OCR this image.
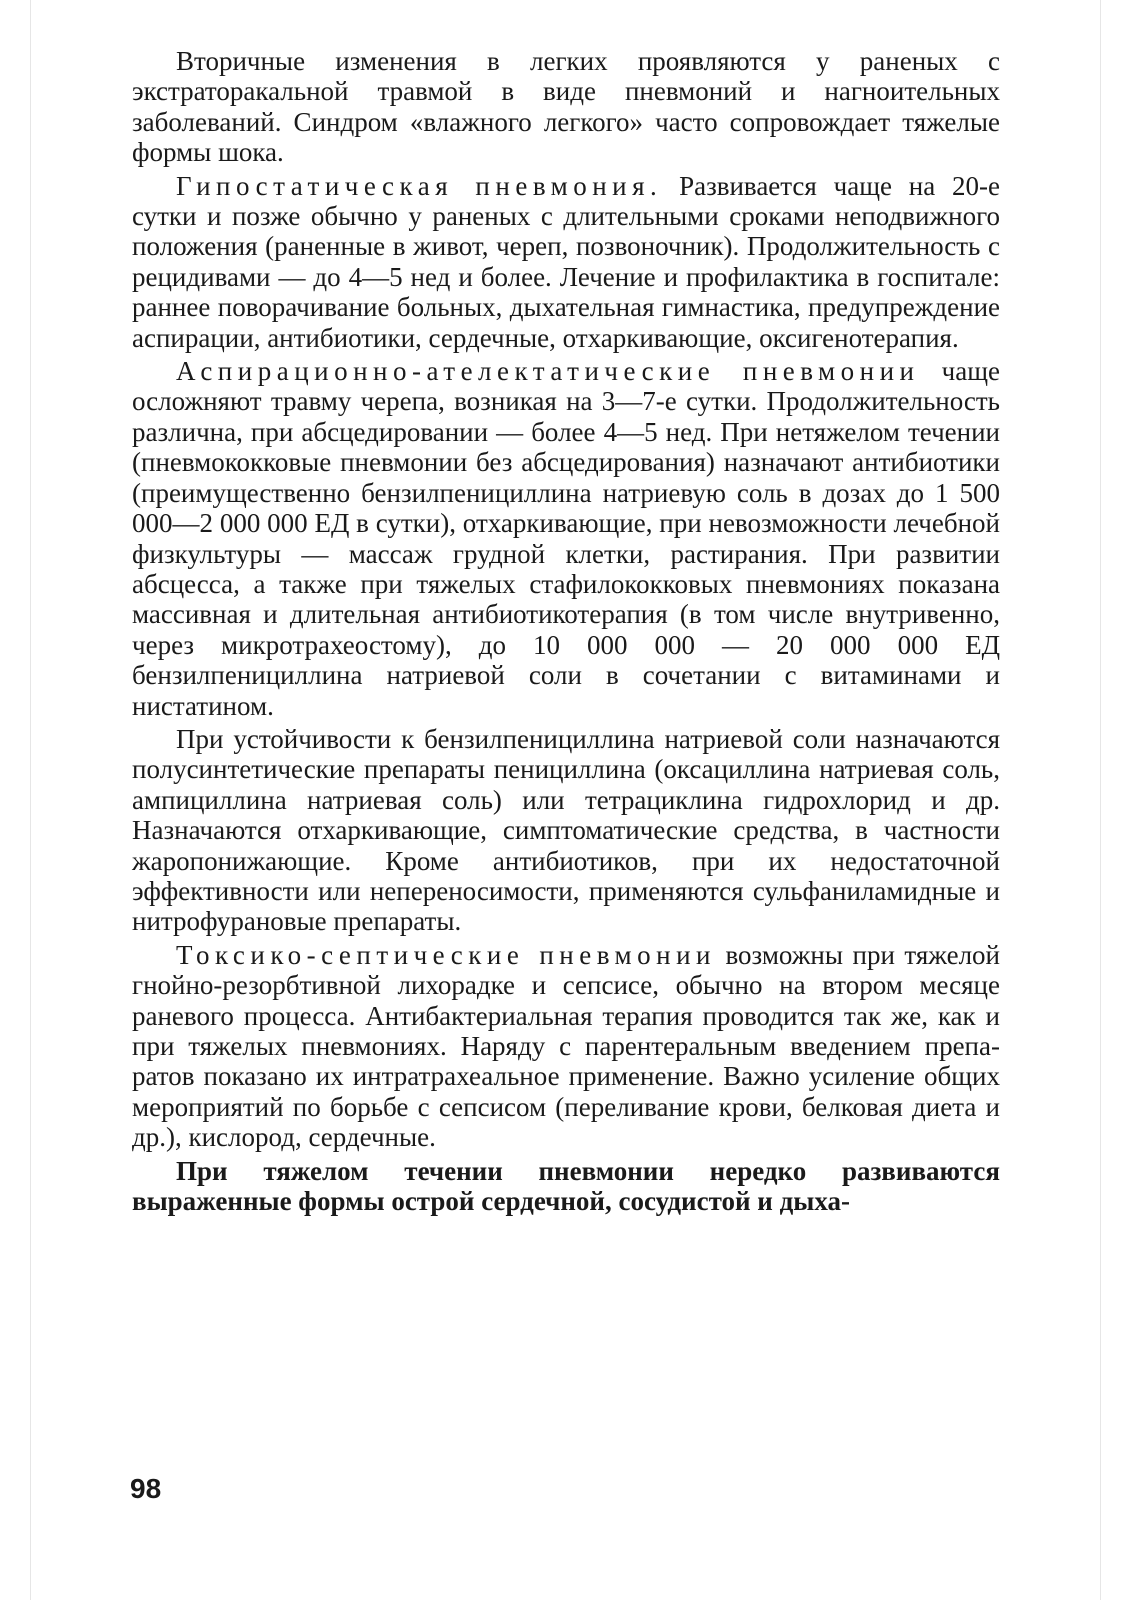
Вторичные изменения в легких проявляются у раненых с экстраторакальной травмой в виде пневмоний и нагноительных заболеваний. Синдром «влажного легкого» часто сопровождает тяжелые формы шока.

Гипостатическая пневмония. Развивается чаще на 20-е сутки и позже обычно у раненых с длительными сроками неподвижного положения (раненные в живот, череп, позвоночник). Продолжительность с рецидивами — до 4—5 нед и более. Лечение и профилактика в госпитале: раннее поворачивание больных, дыхательная гимнастика, предупреждение аспирации, антибиотики, сердечные, отхаркивающие, оксигенотерапия.

Аспирационно-ателектатические пневмонии чаще осложняют травму черепа, возникая на 3—7-е сутки. Продолжительность различна, при абсцедировании — более 4—5 нед. При нетяжелом течении (пневмококковые пневмонии без абсцедирования) назначают антибиотики (преимущественно бензилпенициллина натриевую соль в дозах до 1 500 000—2 000 000 ЕД в сутки), отхаркивающие, при невозможности лечебной физкультуры — массаж грудной клетки, растирания. При развитии абсцесса, а также при тяжелых стафилококковых пневмониях показана массивная и длительная антибиотикотерапия (в том числе внутривенно, через микротрахеостому), до 10 000 000 — 20 000 000 ЕД бензилпенициллина натриевой соли в сочетании с витаминами и нистатином.

При устойчивости к бензилпенициллина натриевой соли назначаются полусинтетические препараты пенициллина (оксациллина натриевая соль, ампициллина натриевая соль) или тетрациклина гидрохлорид и др. Назначаются отхаркивающие, симптоматические средства, в частности жаропонижающие. Кроме антибиотиков, при их недостаточной эффективности или непереносимости, применяются сульфаниламидные и нитрофурановые препараты.

Токсико-септические пневмонии возможны при тяжелой гнойно-резорбтивной лихорадке и сепсисе, обычно на втором месяце раневого процесса. Антибактериальная терапия проводится так же, как и при тяжелых пневмониях. Наряду с парентеральным введением препаратов показано их интратрахеальное применение. Важно усиление общих мероприятий по борьбе с сепсисом (переливание крови, белковая диета и др.), кислород, сердечные.

При тяжелом течении пневмонии нередко развиваются выраженные формы острой сердечной, сосудистой и дыха-

98
